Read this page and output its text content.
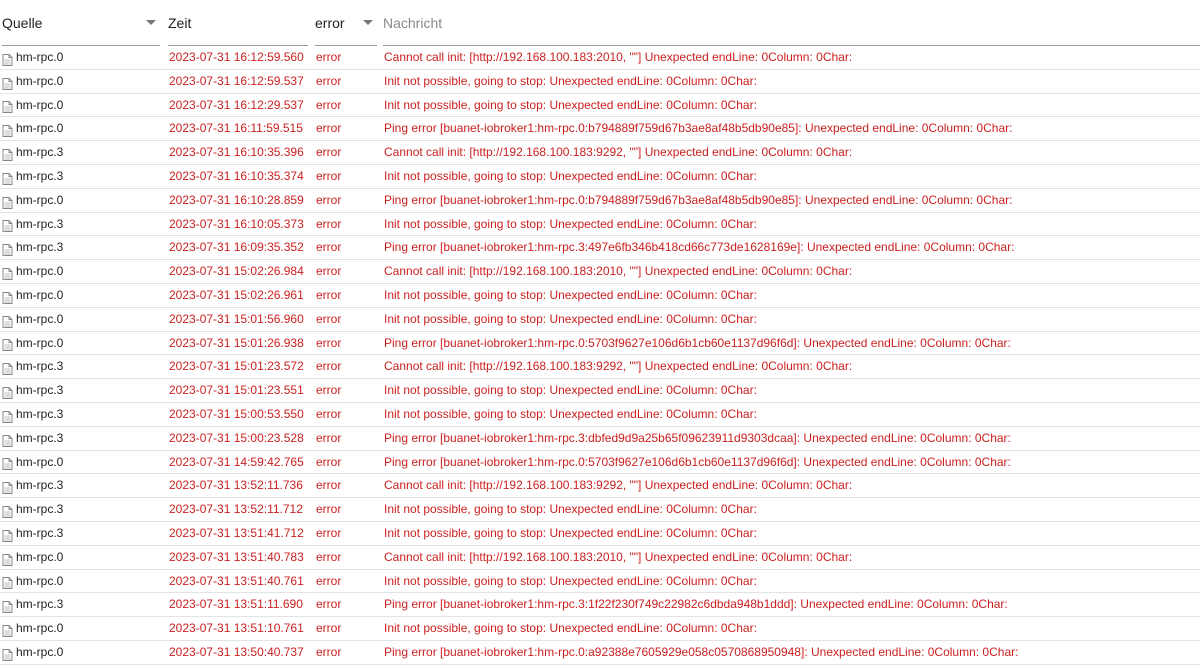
Quelle	Zeit	error	Nachricht
hm-rpc.0	2023-07-31 16:12:59.560 error	Cannot call init: [http://192.168.100.183:2010, ""] Unexpected endLine: 0Column: 0Char:
hm-rpc.0	2023-07-31 16:12:59.537 error	Init not possible, going to stop: Unexpected endLine: 0Column: 0Char:
hm-rpc.0	2023-07-31 16:12:29.537 error	Init not possible, going to stop: Unexpected endLine: 0Column: 0Char:
hm-rpc.0	2023-07-31 16:11:59.515 error	Ping error [buanet-iobroker1:hm-rpc.0:b794889f759d67b3ae8af48b5db90e85]: Unexpected endLine: 0Column: 0Char:
hm-rpc.3	2023-07-31 16:10:35.396 error	Cannot call init: [http://192.168.100.183:9292, ""] Unexpected endLine: 0Column: 0Char:
hm-rpc.3	2023-07-31 16:10:35.374 error	Init not possible, going to stop: Unexpected endLine: 0Column: 0Char:
hm-rpc.0	2023-07-31 16:10:28.859 error	Ping error [buanet-iobroker1:hm-rpc.0:b794889f759d67b3ae8af48b5db90e85]: Unexpected endLine: 0Column: 0Char:
hm-rpc.3	2023-07-31 16:10:05.373 error	Init not possible, going to stop: Unexpected endLine: 0Column: 0Char:
hm-rpc.3	2023-07-31 16:09:35.352 error	Ping error [buanet-iobroker1:hm-rpc.3:497e6fb346b418cd66c773de1628169e]: Unexpected endLine: 0Column: 0Char:
hm-rpc.0	2023-07-31 15:02:26.984 error	Cannot call init: [http://192.168.100.183:2010, ""] Unexpected endLine: 0Column: 0Char:
hm-rpc.0	2023-07-31 15:02:26.961 error	Init not possible, going to stop: Unexpected endLine: 0Column: 0Char:
hm-rpc.0	2023-07-31 15:01:56.960 error	Init not possible, going to stop: Unexpected endLine: 0Column: 0Char:
hm-rpc.0	2023-07-31 15:01:26.938 error	Ping error [buanet-iobroker1:hm-rpc.0:5703f9627e106d6b1cb60e1137d96f6d]: Unexpected endLine: 0Column: 0Char:
hm-rpc.3	2023-07-31 15:01:23.572 error	Cannot call init: [http://192.168.100.183:9292, ""] Unexpected endLine: 0Column: 0Char:
hm-rpc.3	2023-07-31 15:01:23.551 error	Init not possible, going to stop: Unexpected endLine: 0Column: 0Char:
hm-rpc.3	2023-07-31 15:00:53.550 error	Init not possible, going to stop: Unexpected endLine: 0Column: 0Char:
hm-rpc.3	2023-07-31 15:00:23.528 error	Ping error [buanet-iobroker1:hm-rpc.3:dbfed9d9a25b65f09623911d9303dcaa]: Unexpected endLine: 0Column: 0Char:
hm-rpc.0	2023-07-31 14:59:42.765 error	Ping error [buanet-iobroker1:hm-rpc.0:5703f9627e106d6b1cb60e1137d96f6d]: Unexpected endLine: 0Column: 0Char:
hm-rpc.3	2023-07-31 13:52:11.736 error	Cannot call init: [http://192.168.100.183:9292, ""] Unexpected endLine: 0Column: 0Char:
hm-rpc.3	2023-07-31 13:52:11.712 error	Init not possible, going to stop: Unexpected endLine: 0Column: 0Char:
hm-rpc.3	2023-07-31 13:51:41.712 error	Init not possible, going to stop: Unexpected endLine: 0Column: 0Char:
hm-rpc.0	2023-07-31 13:51:40.783 error	Cannot call init: [http://192.168.100.183:2010, ""] Unexpected endLine: 0Column: 0Char:
hm-rpc.0	2023-07-31 13:51:40.761 error	Init not possible, going to stop: Unexpected endLine: 0Column: 0Char:
hm-rpc.3	2023-07-31 13:51:11.690 error	Ping error [buanet-iobroker1:hm-rpc.3:1f22f230f749c22982c6dbda948b1ddd]: Unexpected endLine: 0Column: 0Char:
hm-rpc.0	2023-07-31 13:51:10.761 error	Init not possible, going to stop: Unexpected endLine: 0Column: 0Char:
hm-rpc.0	2023-07-31 13:50:40.737 error	Ping error [buanet-iobroker1:hm-rpc.0:a92388e7605929e058c0570868950948]: Unexpected endLine: 0Column: 0Char:
